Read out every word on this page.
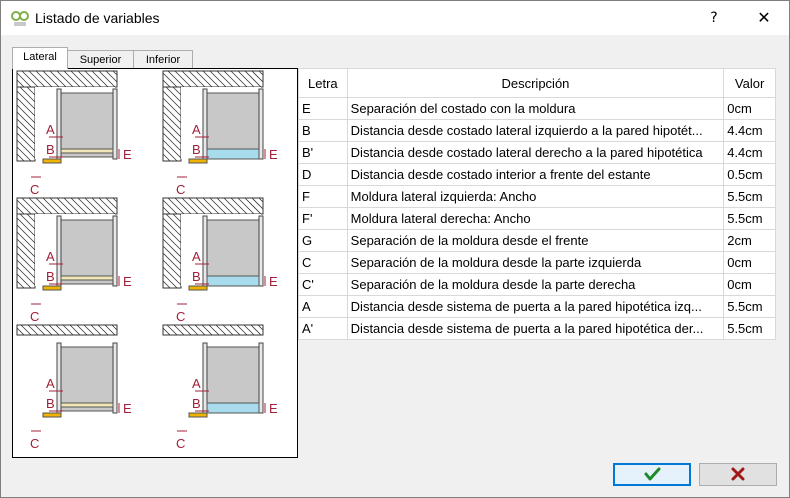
Listado de variables	?	✕
Lateral	Superior	Inferior
A
B	E
C
A
B	E
C
A
B	E
C
A
B	E
C
A
B	E
C
A
B	E
C
Letra	Descripción	Valor
E	Separación del costado con la moldura	0cm
B	Distancia desde costado lateral izquierdo a la pared hipotét...	4.4cm
B'	Distancia desde costado lateral derecho a la pared hipotética	4.4cm
D	Distancia desde costado interior a frente del estante	0.5cm
F	Moldura lateral izquierda: Ancho	5.5cm
F'	Moldura lateral derecha: Ancho	5.5cm
G	Separación de la moldura desde el frente	2cm
C	Separación de la moldura desde la parte izquierda	0cm
C'	Separación de la moldura desde la parte derecha	0cm
A	Distancia desde sistema de puerta a la pared hipotética izq...	5.5cm
A'	Distancia desde sistema de puerta a la pared hipotética der...	5.5cm
